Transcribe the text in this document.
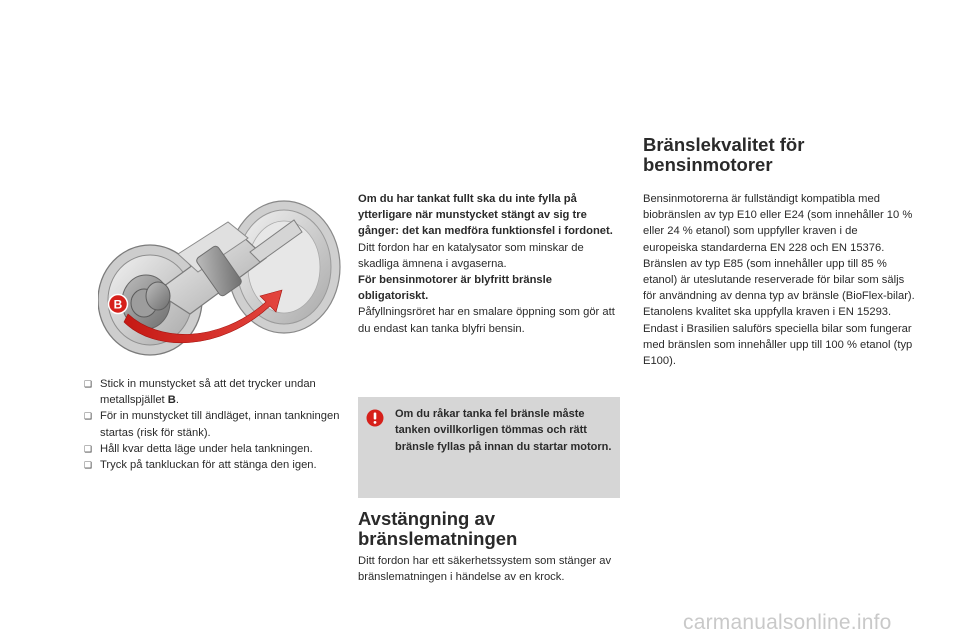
B
❑ Stick in munstycket så att det trycker undan metallspjället B.
❑ För in munstycket till ändläget, innan tankningen startas (risk för stänk).
❑ Håll kvar detta läge under hela tankningen.
❑ Tryck på tankluckan för att stänga den igen.
Om du har tankat fullt ska du inte fylla på ytterligare när munstycket stängt av sig tre gånger: det kan medföra funktionsfel i fordonet.
Ditt fordon har en katalysator som minskar de skadliga ämnena i avgaserna.
För bensinmotorer är blyfritt bränsle obligatoriskt.
Påfyllningsröret har en smalare öppning som gör att du endast kan tanka blyfri bensin.
Om du råkar tanka fel bränsle måste tanken ovillkorligen tömmas och rätt bränsle fyllas på innan du startar motorn.
Avstängning av
bränslematningen
Ditt fordon har ett säkerhetssystem som stänger av bränslematningen i händelse av en krock.
Bränslekvalitet för
bensinmotorer
Bensinmotorerna är fullständigt kompatibla med biobränslen av typ E10 eller E24 (som innehåller 10 % eller 24 % etanol) som uppfyller kraven i de europeiska standarderna EN 228 och EN 15376.
Bränslen av typ E85 (som innehåller upp till 85 % etanol) är uteslutande reserverade för bilar som säljs för användning av denna typ av bränsle (BioFlex-bilar). Etanolens kvalitet ska uppfylla kraven i EN 15293.
Endast i Brasilien saluförs speciella bilar som fungerar med bränslen som innehåller upp till 100 % etanol (typ E100).
carmanualsonline.info
